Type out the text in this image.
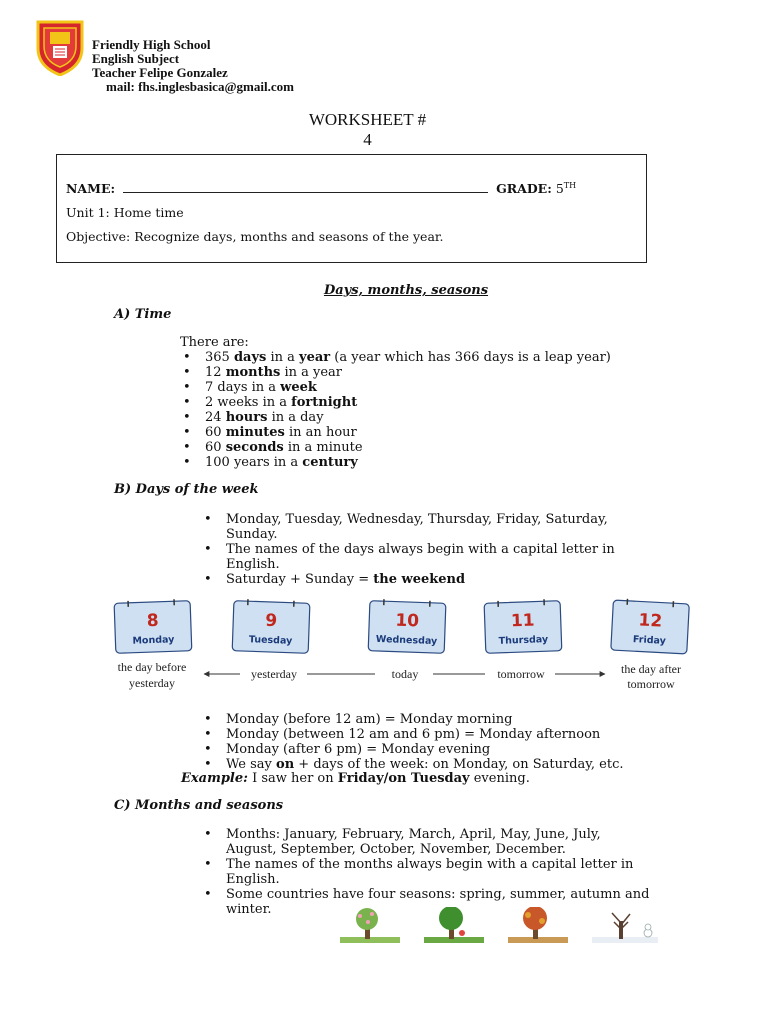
Friendly High School
English Subject
Teacher Felipe Gonzalez
mail: fhs.inglesbasica@gmail.com
WORKSHEET #
4
NAME:	GRADE: 5TH
Unit 1: Home time
Objective: Recognize days, months and seasons of the year.
Days, months, seasons
A) Time
There are:
• 365 days in a year (a year which has 366 days is a leap year)
• 12 months in a year
• 7 days in a week
• 2 weeks in a fortnight
• 24 hours in a day
• 60 minutes in an hour
• 60 seconds in a minute
• 100 years in a century
B) Days of the week
• Monday, Tuesday, Wednesday, Thursday, Friday, Saturday, Sunday.
• The names of the days always begin with a capital letter in English.
• Saturday + Sunday = the weekend
8
Monday
9
Tuesday
10
Wednesday
11
Thursday
12
Friday
the day before
yesterday
yesterday	today	tomorrow	the day after
tomorrow
• Monday (before 12 am) = Monday morning
• Monday (between 12 am and 6 pm) = Monday afternoon
• Monday (after 6 pm) = Monday evening
• We say on + days of the week: on Monday, on Saturday, etc.
Example: I saw her on Friday/on Tuesday evening.
C) Months and seasons
• Months: January, February, March, April, May, June, July, August, September, October, November, December.
• The names of the months always begin with a capital letter in English.
• Some countries have four seasons: spring, summer, autumn and winter.
